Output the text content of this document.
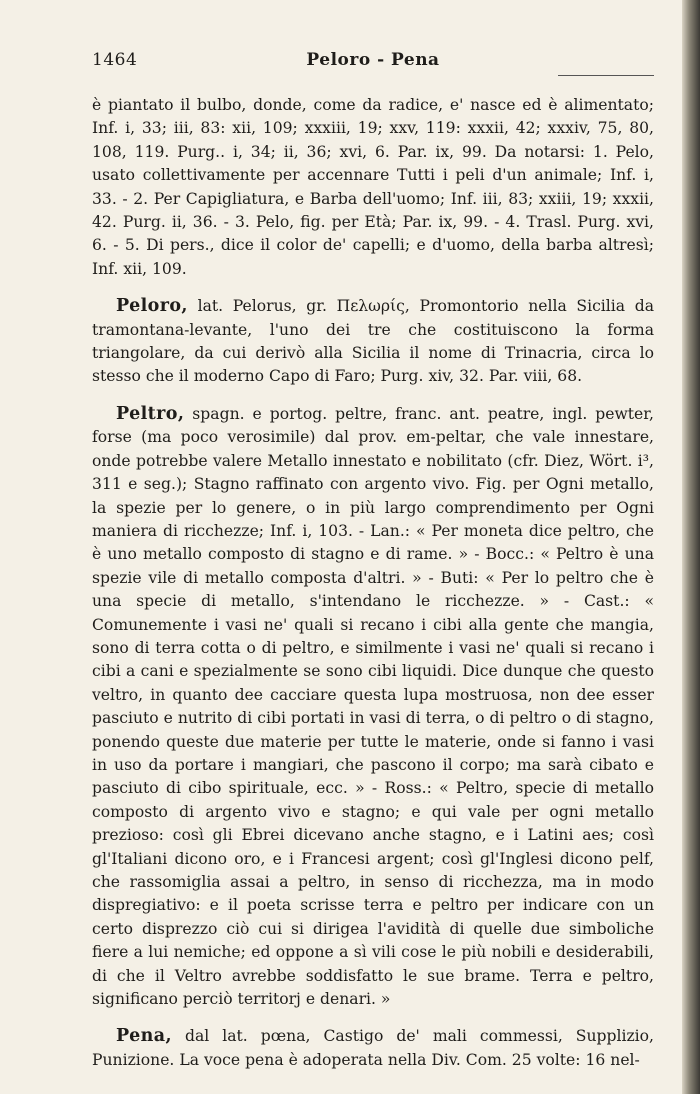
1464	Peloro - Pena

è piantato il bulbo, donde, come da radice, e' nasce ed è alimentato; Inf. i, 33; iii, 83: xii, 109; xxxiii, 19; xxv, 119: xxxii, 42; xxxiv, 75, 80, 108, 119. Purg.. i, 34; ii, 36; xvi, 6. Par. ix, 99. Da notarsi: 1. Pelo, usato collettivamente per accennare Tutti i peli d'un animale; Inf. i, 33. - 2. Per Capigliatura, e Barba dell'uomo; Inf. iii, 83; xxiii, 19; xxxii, 42. Purg. ii, 36. - 3. Pelo, fig. per Età; Par. ix, 99. - 4. Trasl. Purg. xvi, 6. - 5. Di pers., dice il color de' capelli; e d'uomo, della barba altresì; Inf. xii, 109.

Peloro, lat. Pelorus, gr. Πελωρίς, Promontorio nella Sicilia da tramontana-levante, l'uno dei tre che costituiscono la forma triangolare, da cui derivò alla Sicilia il nome di Trinacria, circa lo stesso che il moderno Capo di Faro; Purg. xiv, 32. Par. viii, 68.

Peltro, spagn. e portog. peltre, franc. ant. peatre, ingl. pewter, forse (ma poco verosimile) dal prov. em-peltar, che vale innestare, onde potrebbe valere Metallo innestato e nobilitato (cfr. Diez, Wört. i³, 311 e seg.); Stagno raffinato con argento vivo. Fig. per Ogni metallo, la spezie per lo genere, o in più largo comprendimento per Ogni maniera di ricchezze; Inf. i, 103. - Lan.: « Per moneta dice peltro, che è uno metallo composto di stagno e di rame. » - Bocc.: « Peltro è una spezie vile di metallo composta d'altri. » - Buti: « Per lo peltro che è una specie di metallo, s'intendano le ricchezze. » - Cast.: « Comunemente i vasi ne' quali si recano i cibi alla gente che mangia, sono di terra cotta o di peltro, e similmente i vasi ne' quali si recano i cibi a cani e spezialmente se sono cibi liquidi. Dice dunque che questo veltro, in quanto dee cacciare questa lupa mostruosa, non dee esser pasciuto e nutrito di cibi portati in vasi di terra, o di peltro o di stagno, ponendo queste due materie per tutte le materie, onde si fanno i vasi in uso da portare i mangiari, che pascono il corpo; ma sarà cibato e pasciuto di cibo spirituale, ecc. » - Ross.: « Peltro, specie di metallo composto di argento vivo e stagno; e qui vale per ogni metallo prezioso: così gli Ebrei dicevano anche stagno, e i Latini aes; così gl'Italiani dicono oro, e i Francesi argent; così gl'Inglesi dicono pelf, che rassomiglia assai a peltro, in senso di ricchezza, ma in modo dispregiativo: e il poeta scrisse terra e peltro per indicare con un certo disprezzo ciò cui si dirigea l'avidità di quelle due simboliche fiere a lui nemiche; ed oppone a sì vili cose le più nobili e desiderabili, di che il Veltro avrebbe soddisfatto le sue brame. Terra e peltro, significano perciò territorj e denari. »

Pena, dal lat. pœna, Castigo de' mali commessi, Supplizio, Punizione. La voce pena è adoperata nella Div. Com. 25 volte: 16 nel-
